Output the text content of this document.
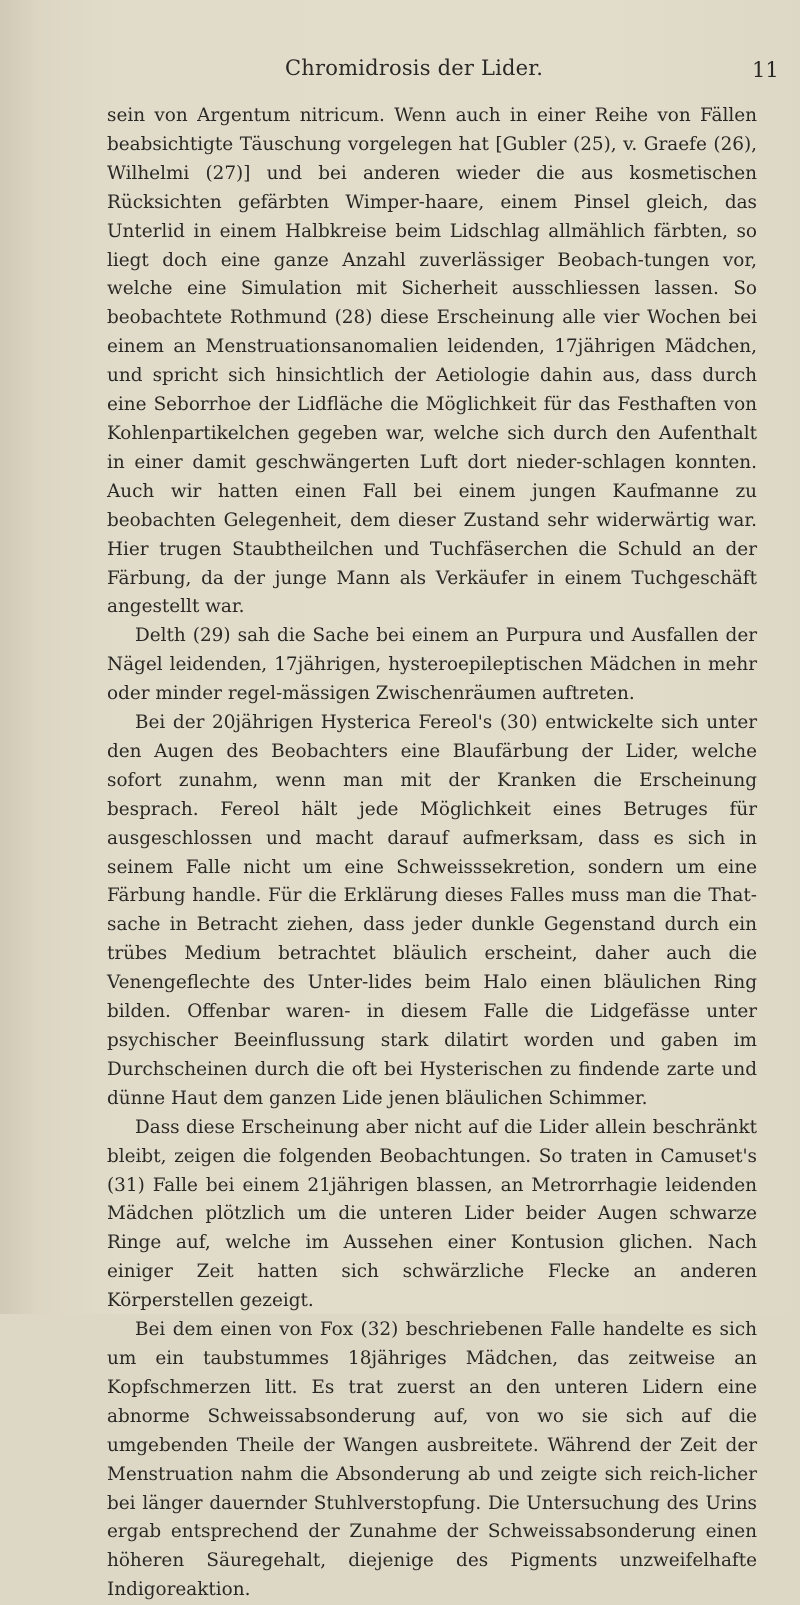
Chromidrosis der Lider.	11

sein von Argentum nitricum. Wenn auch in einer Reihe von Fällen beabsichtigte Täuschung vorgelegen hat [Gubler (25), v. Graefe (26), Wilhelmi (27)] und bei anderen wieder die aus kosmetischen Rücksichten gefärbten Wimper-haare, einem Pinsel gleich, das Unterlid in einem Halbkreise beim Lidschlag allmählich färbten, so liegt doch eine ganze Anzahl zuverlässiger Beobach-tungen vor, welche eine Simulation mit Sicherheit ausschliessen lassen. So beobachtete Rothmund (28) diese Erscheinung alle vier Wochen bei einem an Menstruationsanomalien leidenden, 17jährigen Mädchen, und spricht sich hinsichtlich der Aetiologie dahin aus, dass durch eine Seborrhoe der Lidfläche die Möglichkeit für das Festhaften von Kohlenpartikelchen gegeben war, welche sich durch den Aufenthalt in einer damit geschwängerten Luft dort nieder-schlagen konnten. Auch wir hatten einen Fall bei einem jungen Kaufmanne zu beobachten Gelegenheit, dem dieser Zustand sehr widerwärtig war. Hier trugen Staubtheilchen und Tuchfäserchen die Schuld an der Färbung, da der junge Mann als Verkäufer in einem Tuchgeschäft angestellt war.

Delth (29) sah die Sache bei einem an Purpura und Ausfallen der Nägel leidenden, 17jährigen, hysteroepileptischen Mädchen in mehr oder minder regel-mässigen Zwischenräumen auftreten.

Bei der 20jährigen Hysterica Fereol's (30) entwickelte sich unter den Augen des Beobachters eine Blaufärbung der Lider, welche sofort zunahm, wenn man mit der Kranken die Erscheinung besprach. Fereol hält jede Möglichkeit eines Betruges für ausgeschlossen und macht darauf aufmerksam, dass es sich in seinem Falle nicht um eine Schweisssekretion, sondern um eine Färbung handle. Für die Erklärung dieses Falles muss man die That-sache in Betracht ziehen, dass jeder dunkle Gegenstand durch ein trübes Medium betrachtet bläulich erscheint, daher auch die Venengeflechte des Unter-lides beim Halo einen bläulichen Ring bilden. Offenbar waren- in diesem Falle die Lidgefässe unter psychischer Beeinflussung stark dilatirt worden und gaben im Durchscheinen durch die oft bei Hysterischen zu findende zarte und dünne Haut dem ganzen Lide jenen bläulichen Schimmer.

Dass diese Erscheinung aber nicht auf die Lider allein beschränkt bleibt, zeigen die folgenden Beobachtungen. So traten in Camuset's (31) Falle bei einem 21jährigen blassen, an Metrorrhagie leidenden Mädchen plötzlich um die unteren Lider beider Augen schwarze Ringe auf, welche im Aussehen einer Kontusion glichen. Nach einiger Zeit hatten sich schwärzliche Flecke an anderen Körperstellen gezeigt.

Bei dem einen von Fox (32) beschriebenen Falle handelte es sich um ein taubstummes 18jähriges Mädchen, das zeitweise an Kopfschmerzen litt. Es trat zuerst an den unteren Lidern eine abnorme Schweissabsonderung auf, von wo sie sich auf die umgebenden Theile der Wangen ausbreitete. Während der Zeit der Menstruation nahm die Absonderung ab und zeigte sich reich-licher bei länger dauernder Stuhlverstopfung. Die Untersuchung des Urins ergab entsprechend der Zunahme der Schweissabsonderung einen höheren Säuregehalt, diejenige des Pigments unzweifelhafte Indigoreaktion.
